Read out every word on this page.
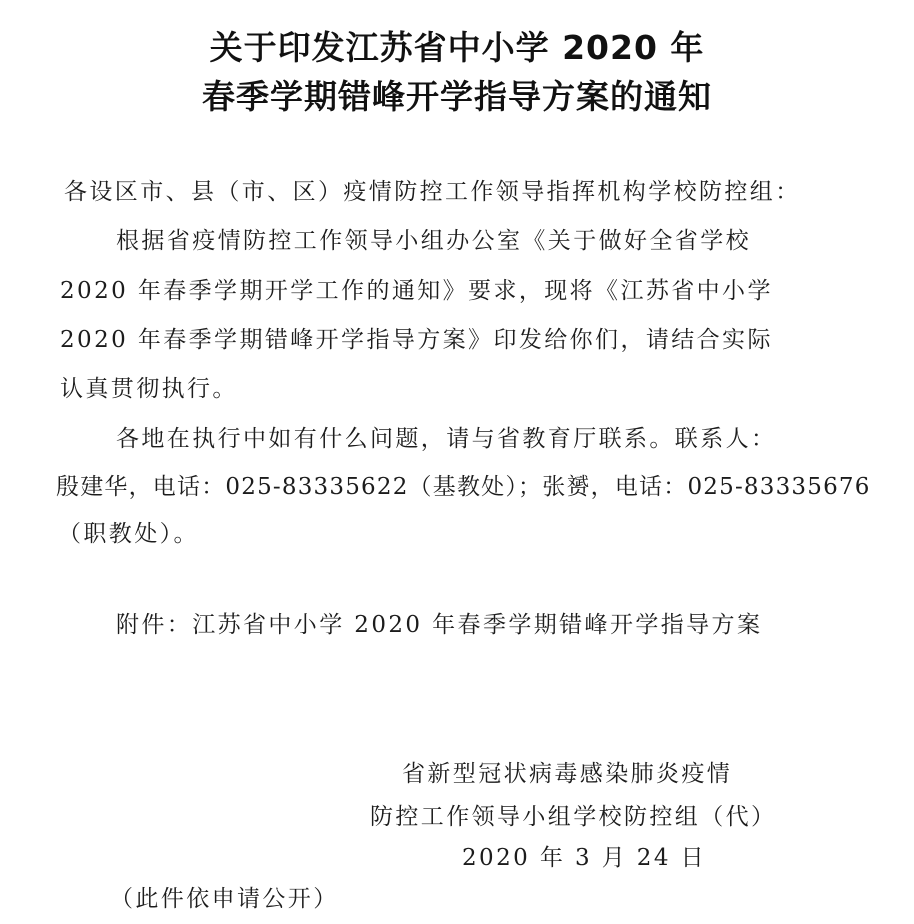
关于印发江苏省中小学 2020 年
春季学期错峰开学指导方案的通知
各设区市、县（市、区）疫情防控工作领导指挥机构学校防控组：
根据省疫情防控工作领导小组办公室《关于做好全省学校
2020 年春季学期开学工作的通知》要求，现将《江苏省中小学
2020 年春季学期错峰开学指导方案》印发给你们，请结合实际
认真贯彻执行。
各地在执行中如有什么问题，请与省教育厅联系。联系人：
殷建华，电话：025-83335622（基教处）；张赟，电话：025-83335676
（职教处）。
附件：江苏省中小学 2020 年春季学期错峰开学指导方案
省新型冠状病毒感染肺炎疫情
防控工作领导小组学校防控组（代）
2020 年 3 月 24 日
（此件依申请公开）
